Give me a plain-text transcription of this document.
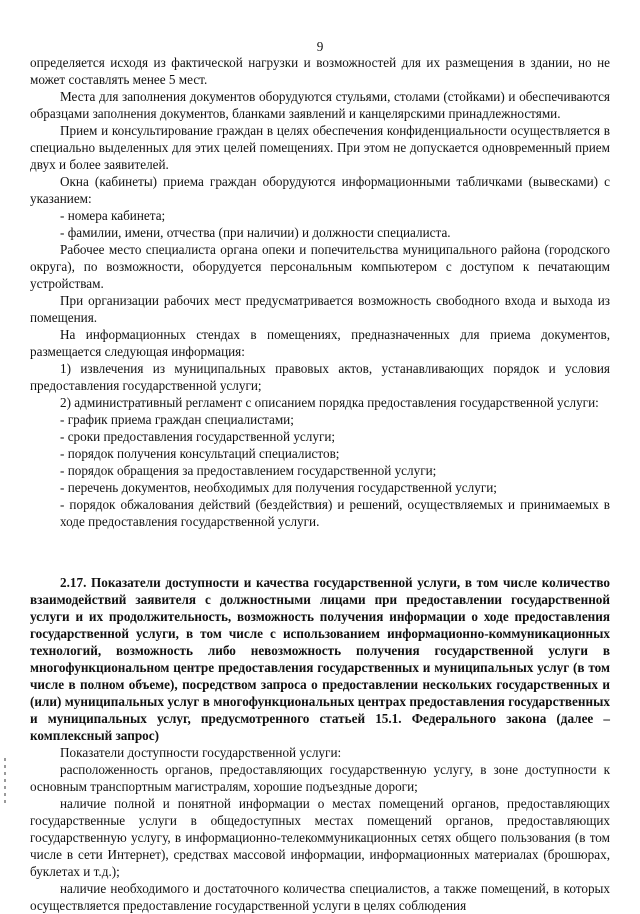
9

определяется исходя из фактической нагрузки и возможностей для их размещения в здании, но не может составлять менее 5 мест.

Места для заполнения документов оборудуются стульями, столами (стойками) и обеспечиваются образцами заполнения документов, бланками заявлений и канцелярскими принадлежностями.

Прием и консультирование граждан в целях обеспечения конфиденциальности осуществляется в специально выделенных для этих целей помещениях. При этом не допускается одновременный прием двух и более заявителей.

Окна (кабинеты) приема граждан оборудуются информационными табличками (вывесками) с указанием:

- номера кабинета;

- фамилии, имени, отчества (при наличии) и должности специалиста.

Рабочее место специалиста органа опеки и попечительства муниципального района (городского округа), по возможности, оборудуется персональным компьютером с доступом к печатающим устройствам.

При организации рабочих мест предусматривается возможность свободного входа и выхода из помещения.

На информационных стендах в помещениях, предназначенных для приема документов, размещается следующая информация:

1) извлечения из муниципальных правовых актов, устанавливающих порядок и условия предоставления государственной услуги;

2) административный регламент с описанием порядка предоставления государственной услуги:

- график приема граждан специалистами;

- сроки предоставления государственной услуги;

- порядок получения консультаций специалистов;

- порядок обращения за предоставлением государственной услуги;

- перечень документов, необходимых для получения государственной услуги;

- порядок обжалования действий (бездействия) и решений, осуществляемых и принимаемых в ходе предоставления государственной услуги.

2.17. Показатели доступности и качества государственной услуги, в том числе количество взаимодействий заявителя с должностными лицами при предоставлении государственной услуги и их продолжительность, возможность получения информации о ходе предоставления государственной услуги, в том числе с использованием информационно-коммуникационных технологий, возможность либо невозможность получения государственной услуги в многофункциональном центре предоставления государственных и муниципальных услуг (в том числе в полном объеме), посредством запроса о предоставлении нескольких государственных и (или) муниципальных услуг в многофункциональных центрах предоставления государственных и муниципальных услуг, предусмотренного статьей 15.1. Федерального закона (далее – комплексный запрос)

Показатели доступности государственной услуги:

расположенность органов, предоставляющих государственную услугу, в зоне доступности к основным транспортным магистралям, хорошие подъездные дороги;

наличие полной и понятной информации о местах помещений органов, предоставляющих государственные услуги в общедоступных местах помещений органов, предоставляющих государственную услугу, в информационно-телекоммуникационных сетях общего пользования (в том числе в сети Интернет), средствах массовой информации, информационных материалах (брошюрах, буклетах и т.д.);

наличие необходимого и достаточного количества специалистов, а также помещений, в которых осуществляется предоставление государственной услуги в целях соблюдения
